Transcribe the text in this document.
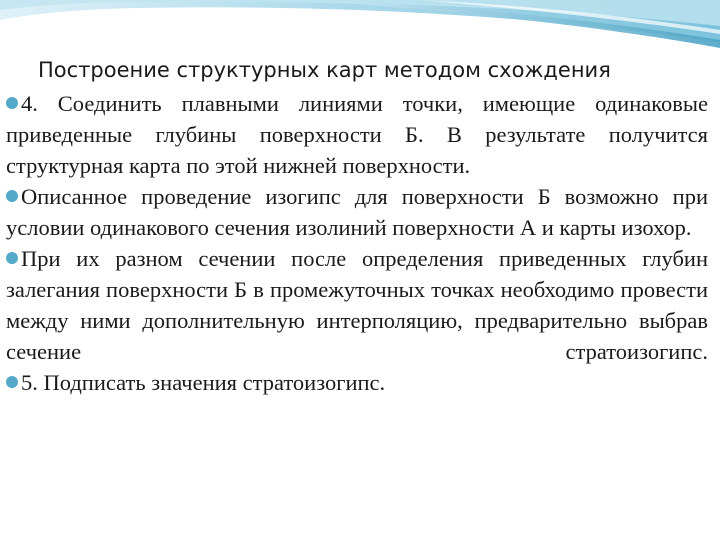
Построение структурных карт методом схождения

4. Соединить плавными линиями точки, имеющие одинаковые приведенные глубины поверхности Б. В результате получится структурная карта по этой нижней поверхности.

Описанное проведение изогипс для поверхности Б возможно при условии одинакового сечения изолиний поверхности А и карты изохор.

При их разном сечении после определения приведенных глубин залегания поверхности Б в промежуточных точках необходимо провести между ними дополнительную интерполяцию, предварительно выбрав сечение стратоизогипс.

5. Подписать значения стратоизогипс.
